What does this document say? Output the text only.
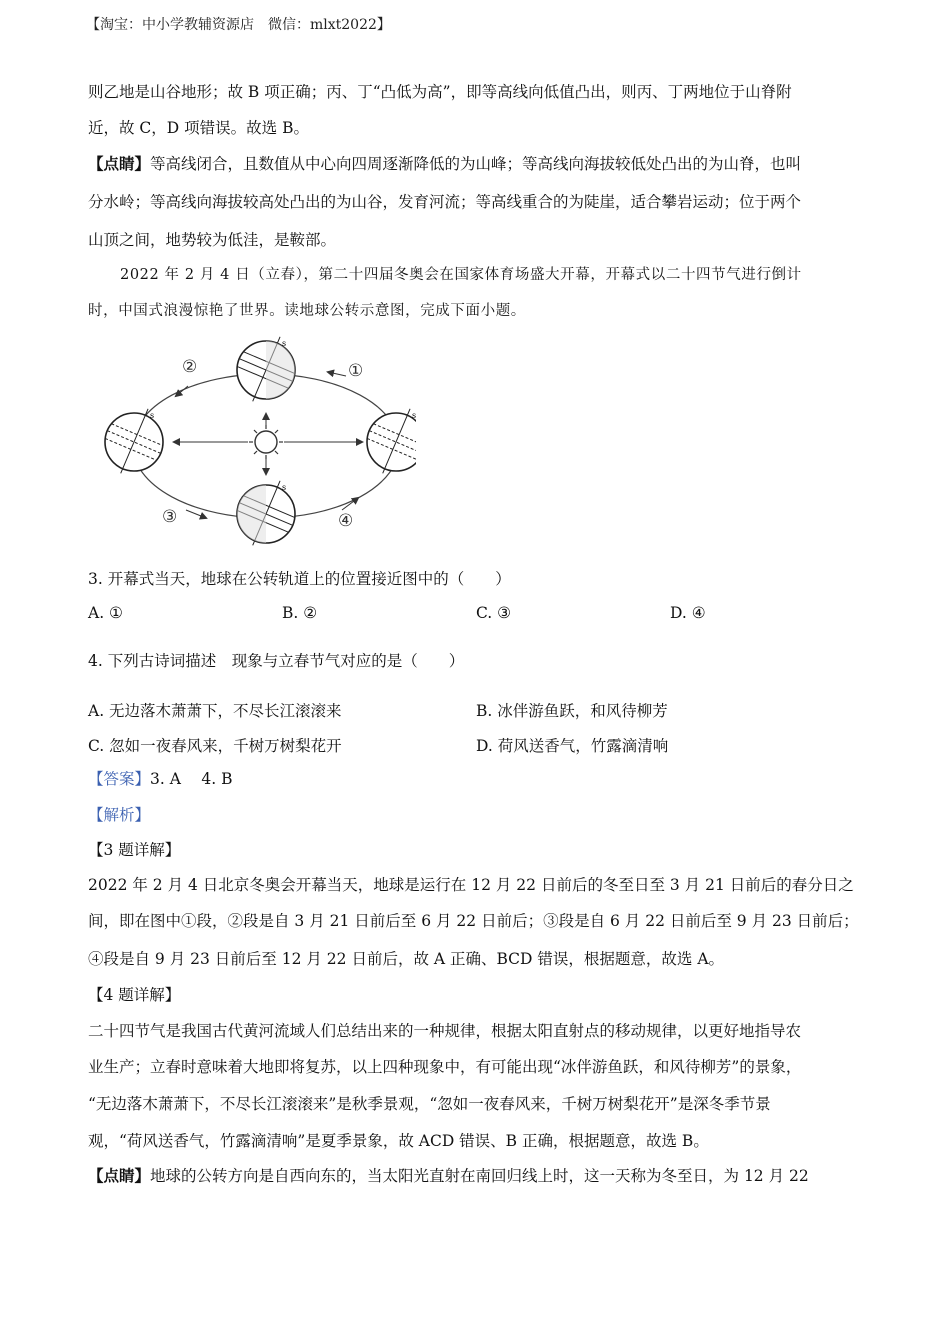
【淘宝：中小学教辅资源店　微信：mlxt2022】
则乙地是山谷地形；故 B 项正确；丙、丁“凸低为高”，即等高线向低值凸出，则丙、丁两地位于山脊附
近，故 C，D 项错误。故选 B。
【点睛】等高线闭合，且数值从中心向四周逐渐降低的为山峰；等高线向海拔较低处凸出的为山脊，也叫
分水岭；等高线向海拔较高处凸出的为山谷，发育河流；等高线重合的为陡崖，适合攀岩运动；位于两个
山顶之间，地势较为低洼，是鞍部。
2022 年 2 月 4 日（立春），第二十四届冬奥会在国家体育场盛大开幕，开幕式以二十四节气进行倒计
时，中国式浪漫惊艳了世界。读地球公转示意图，完成下面小题。
s
s	s
s
①
②
③	④
3. 开幕式当天，地球在公转轨道上的位置接近图中的（　　）
A. ①	B. ②	C. ③	D. ④
4. 下列古诗词描述　现象与立春节气对应的是（　　）
A. 无边落木萧萧下，不尽长江滚滚来	B. 冰伴游鱼跃，和风待柳芳
C. 忽如一夜春风来，千树万树梨花开	D. 荷风送香气，竹露滴清响
【答案】3. A　 4. B
【解析】
【3 题详解】
2022 年 2 月 4 日北京冬奥会开幕当天，地球是运行在 12 月 22 日前后的冬至日至 3 月 21 日前后的春分日之
间，即在图中①段，②段是自 3 月 21 日前后至 6 月 22 日前后；③段是自 6 月 22 日前后至 9 月 23 日前后；
④段是自 9 月 23 日前后至 12 月 22 日前后，故 A 正确、BCD 错误，根据题意，故选 A。
【4 题详解】
二十四节气是我国古代黄河流域人们总结出来的一种规律，根据太阳直射点的移动规律，以更好地指导农
业生产；立春时意味着大地即将复苏，以上四种现象中，有可能出现“冰伴游鱼跃，和风待柳芳”的景象，
“无边落木萧萧下，不尽长江滚滚来”是秋季景观，“忽如一夜春风来，千树万树梨花开”是深冬季节景
观，“荷风送香气，竹露滴清响”是夏季景象，故 ACD 错误、B 正确，根据题意，故选 B。
【点睛】地球的公转方向是自西向东的，当太阳光直射在南回归线上时，这一天称为冬至日，为 12 月 22
